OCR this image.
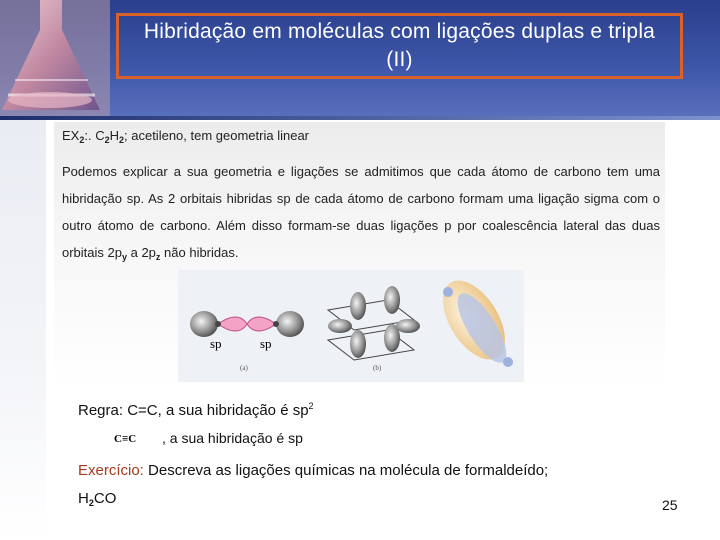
Hibridação em moléculas com ligações duplas e tripla (II)
$EX_2$:. $C_2H_2$; acetileno, tem geometria linear
Podemos explicar a sua geometria e ligações se admitimos que cada átomo de carbono tem uma hibridação sp. As 2 orbitais hibridas sp de cada átomo de carbono formam uma ligação sigma com o outro átomo de carbono. Além disso formam-se duas ligações p por coalescência lateral das duas orbitais $2p_y$ a $2p_z$ não hibridas.
sp	sp
(a)	(b)
Regra: C=C, a sua hibridação é $sp^2$
C≡C , a sua hibridação é sp
Exercício: Descreva as ligações químicas na molécula de formaldeído;
$H_2CO$	25
